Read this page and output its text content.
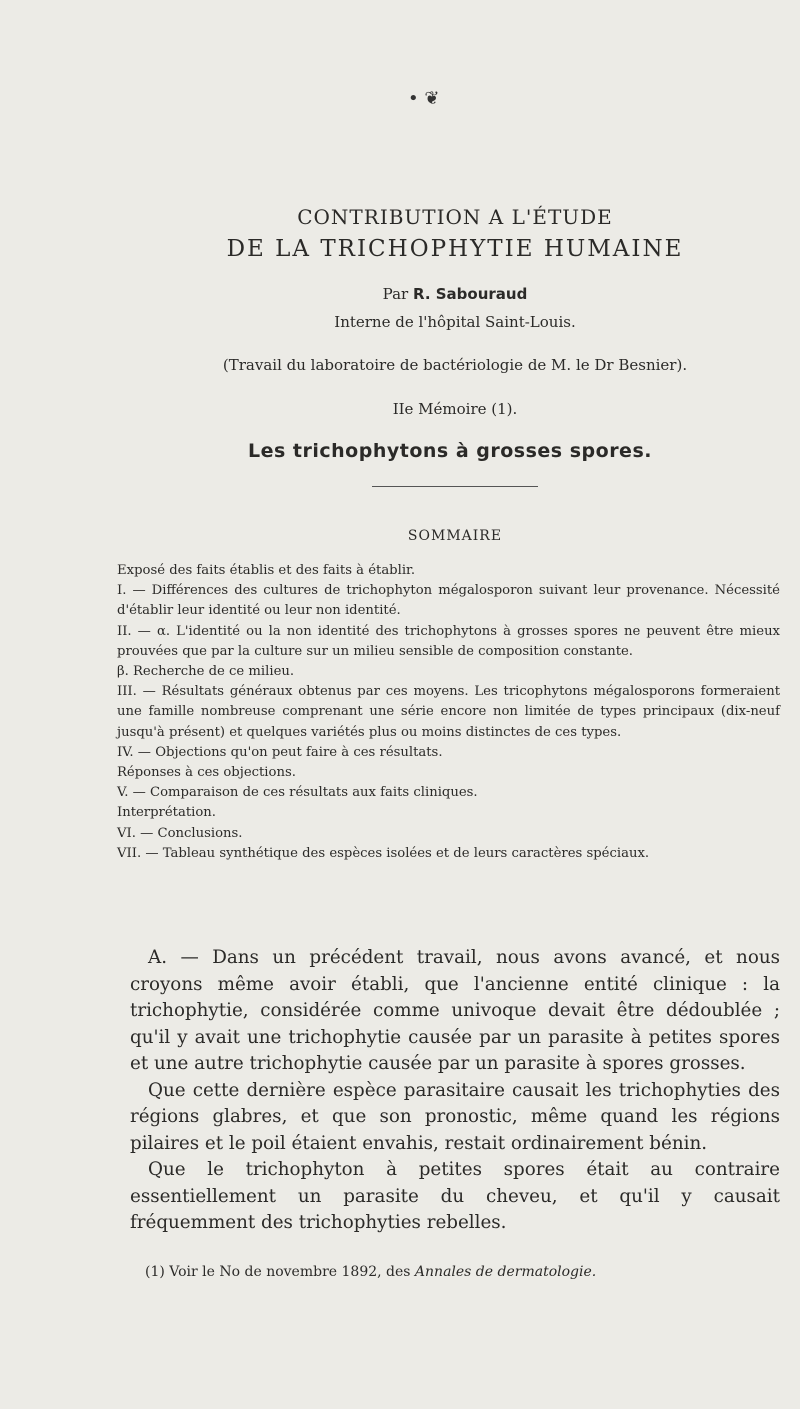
• ❦
CONTRIBUTION A L'ÉTUDE
DE LA TRICHOPHYTIE HUMAINE
Par R. Sabouraud
Interne de l'hôpital Saint-Louis.
(Travail du laboratoire de bactériologie de M. le Dr Besnier).
IIe Mémoire (1).
Les trichophytons à grosses spores.
SOMMAIRE

Exposé des faits établis et des faits à établir.

I. — Différences des cultures de trichophyton mégalosporon suivant leur provenance. Nécessité d'établir leur identité ou leur non identité.

II. — α. L'identité ou la non identité des trichophytons à grosses spores ne peuvent être mieux prouvées que par la culture sur un milieu sensible de composition constante.

β. Recherche de ce milieu.

III. — Résultats généraux obtenus par ces moyens. Les tricophytons mégalosporons formeraient une famille nombreuse comprenant une série encore non limitée de types principaux (dix-neuf jusqu'à présent) et quelques variétés plus ou moins distinctes de ces types.

IV. — Objections qu'on peut faire à ces résultats.

Réponses à ces objections.

V. — Comparaison de ces résultats aux faits cliniques.

Interprétation.

VI. — Conclusions.

VII. — Tableau synthétique des espèces isolées et de leurs caractères spéciaux.

A. — Dans un précédent travail, nous avons avancé, et nous croyons même avoir établi, que l'ancienne entité clinique : la trichophytie, considérée comme univoque devait être dédoublée ; qu'il y avait une trichophytie causée par un parasite à petites spores et une autre trichophytie causée par un parasite à spores grosses.

Que cette dernière espèce parasitaire causait les trichophyties des régions glabres, et que son pronostic, même quand les régions pilaires et le poil étaient envahis, restait ordinairement bénin.

Que le trichophyton à petites spores était au contraire essentiellement un parasite du cheveu, et qu'il y causait fréquemment des trichophyties rebelles.

(1) Voir le No de novembre 1892, des Annales de dermatologie.
